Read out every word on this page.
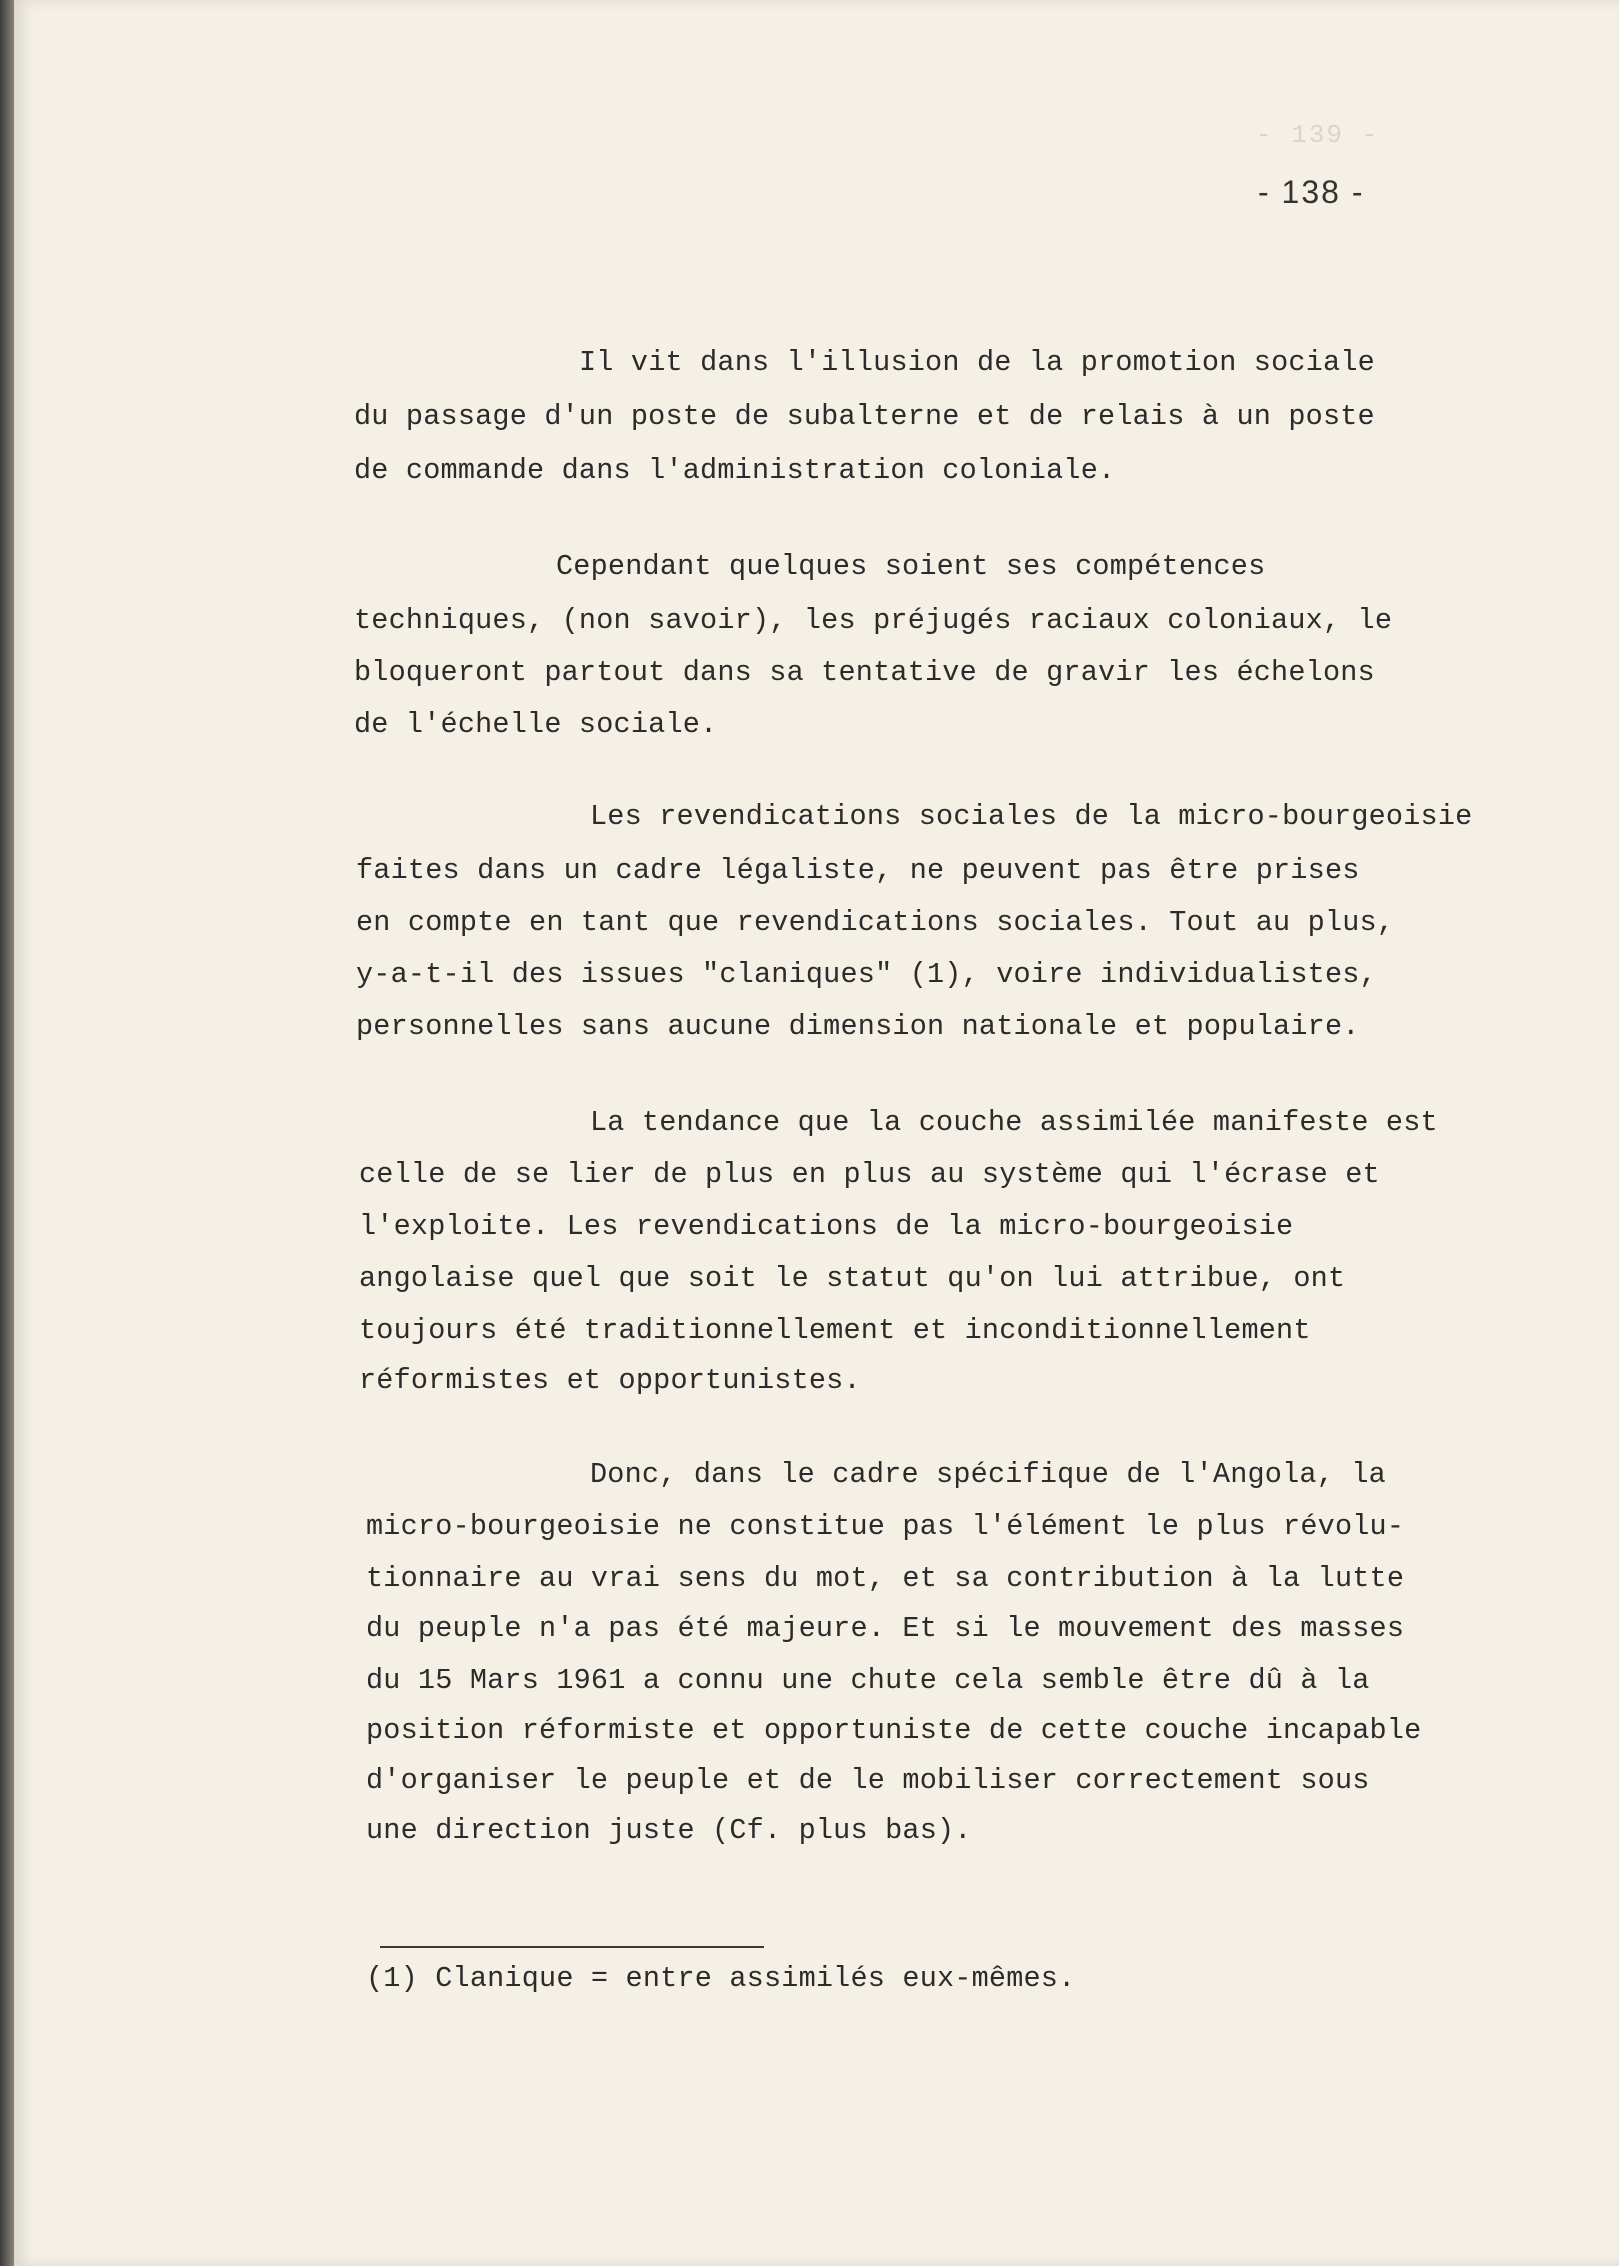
- 139 -
- 138 -
Il vit dans l'illusion de la promotion sociale
du passage d'un poste de subalterne et de relais à un poste
de commande dans l'administration coloniale.
Cependant quelques soient ses compétences
techniques, (non savoir), les préjugés raciaux coloniaux, le
bloqueront partout dans sa tentative de gravir les échelons
de l'échelle sociale.
Les revendications sociales de la micro-bourgeoisie
faites dans un cadre légaliste, ne peuvent pas être prises
en compte en tant que revendications sociales. Tout au plus,
y-a-t-il des issues "claniques" (1), voire individualistes,
personnelles sans aucune dimension nationale et populaire.
La tendance que la couche assimilée manifeste est
celle de se lier de plus en plus au système qui l'écrase et
l'exploite. Les revendications de la micro-bourgeoisie
angolaise quel que soit le statut qu'on lui attribue, ont
toujours été traditionnellement et inconditionnellement
réformistes et opportunistes.
Donc, dans le cadre spécifique de l'Angola, la
micro-bourgeoisie ne constitue pas l'élément le plus révolu-
tionnaire au vrai sens du mot, et sa contribution à la lutte
du peuple n'a pas été majeure. Et si le mouvement des masses
du 15 Mars 1961 a connu une chute cela semble être dû à la
position réformiste et opportuniste de cette couche incapable
d'organiser le peuple et de le mobiliser correctement sous
une direction juste (Cf. plus bas).
(1) Clanique = entre assimilés eux-mêmes.
